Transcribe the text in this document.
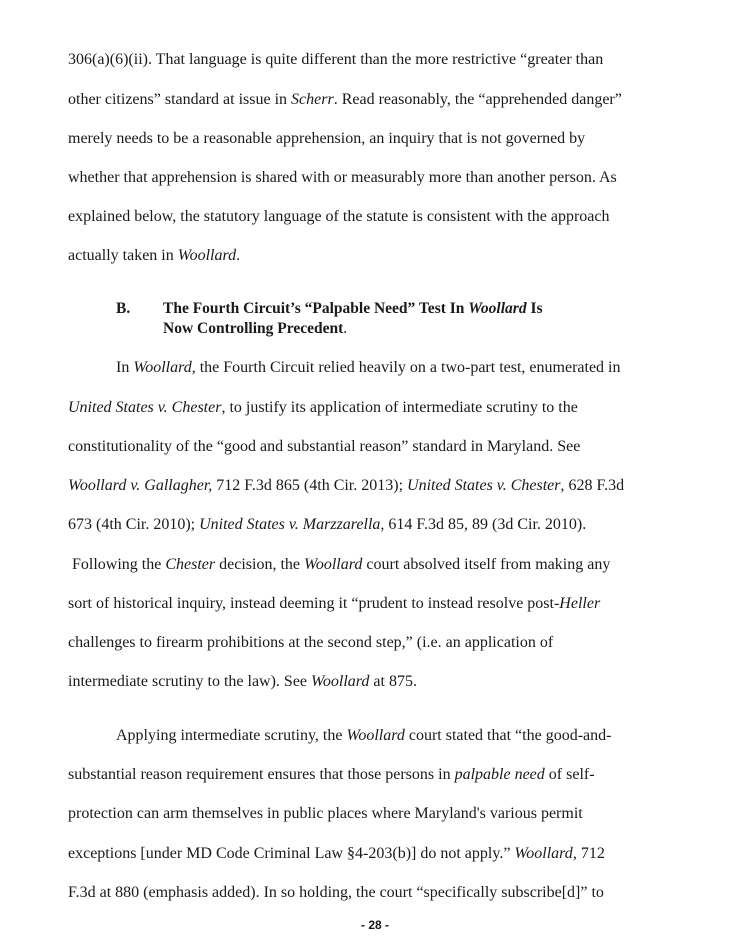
306(a)(6)(ii). That language is quite different than the more restrictive “greater than
other citizens” standard at issue in Scherr. Read reasonably, the “apprehended danger”
merely needs to be a reasonable apprehension, an inquiry that is not governed by
whether that apprehension is shared with or measurably more than another person. As
explained below, the statutory language of the statute is consistent with the approach
actually taken in Woollard.
B. The Fourth Circuit’s “Palpable Need” Test In Woollard Is
Now Controlling Precedent.
In Woollard, the Fourth Circuit relied heavily on a two-part test, enumerated in
United States v. Chester, to justify its application of intermediate scrutiny to the
constitutionality of the “good and substantial reason” standard in Maryland. See
Woollard v. Gallagher, 712 F.3d 865 (4th Cir. 2013); United States v. Chester, 628 F.3d
673 (4th Cir. 2010); United States v. Marzzarella, 614 F.3d 85, 89 (3d Cir. 2010).
Following the Chester decision, the Woollard court absolved itself from making any
sort of historical inquiry, instead deeming it “prudent to instead resolve post-Heller
challenges to firearm prohibitions at the second step,” (i.e. an application of
intermediate scrutiny to the law). See Woollard at 875.
Applying intermediate scrutiny, the Woollard court stated that “the good-and-
substantial reason requirement ensures that those persons in palpable need of self-
protection can arm themselves in public places where Maryland's various permit
exceptions [under MD Code Criminal Law §4-203(b)] do not apply.” Woollard, 712
F.3d at 880 (emphasis added). In so holding, the court “specifically subscribe[d]” to
- 28 -
